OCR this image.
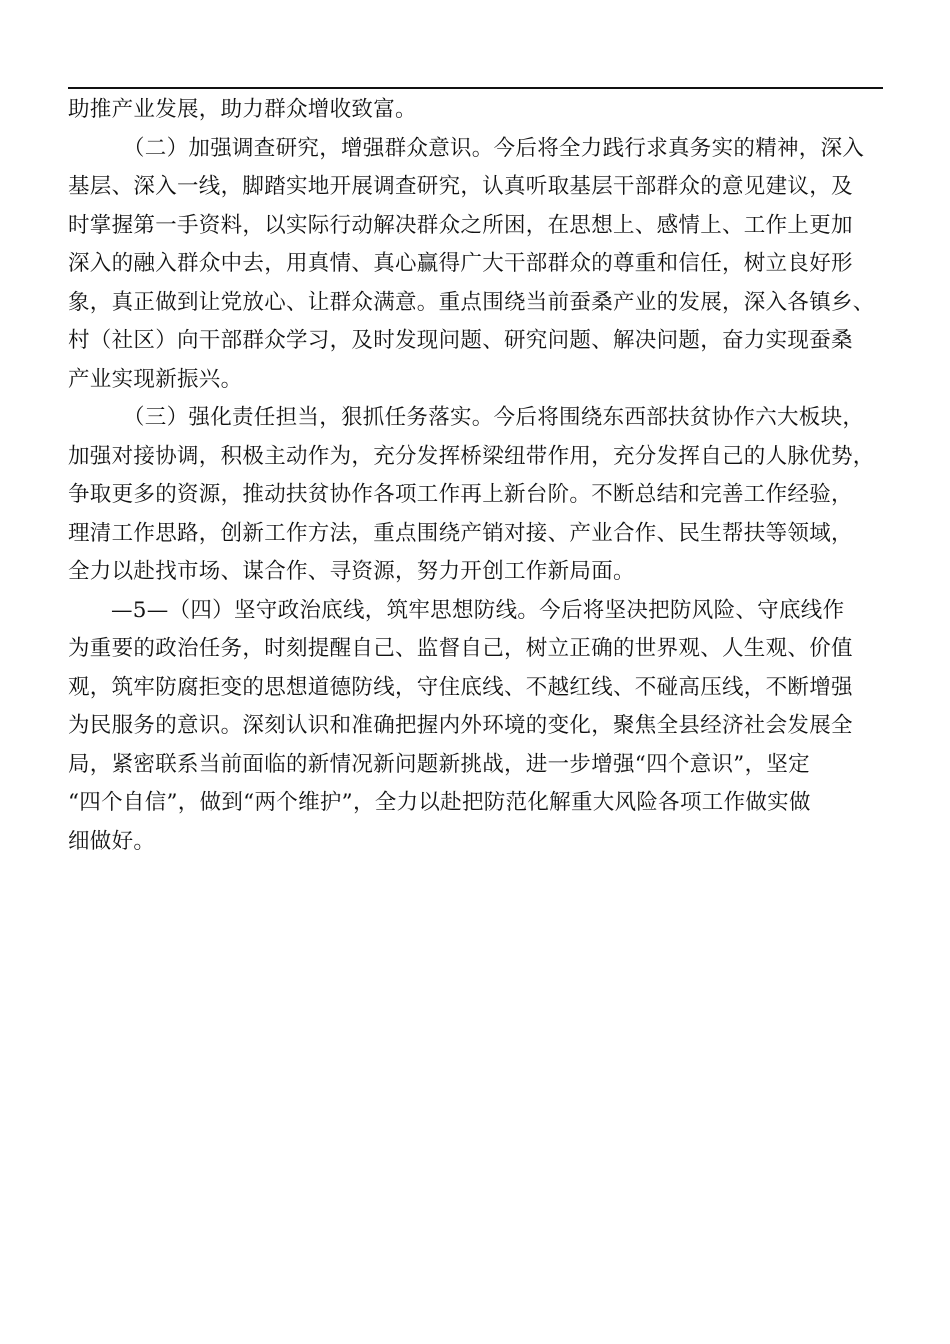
助推产业发展，助力群众增收致富。
（二）加强调查研究，增强群众意识。今后将全力践行求真务实的精神，深入
基层、深入一线，脚踏实地开展调查研究，认真听取基层干部群众的意见建议，及
时掌握第一手资料，以实际行动解决群众之所困，在思想上、感情上、工作上更加
深入的融入群众中去，用真情、真心赢得广大干部群众的尊重和信任，树立良好形
象，真正做到让党放心、让群众满意。重点围绕当前蚕桑产业的发展，深入各镇乡、
村（社区）向干部群众学习，及时发现问题、研究问题、解决问题，奋力实现蚕桑
产业实现新振兴。
（三）强化责任担当，狠抓任务落实。今后将围绕东西部扶贫协作六大板块，
加强对接协调，积极主动作为，充分发挥桥梁纽带作用，充分发挥自己的人脉优势，
争取更多的资源，推动扶贫协作各项工作再上新台阶。不断总结和完善工作经验，
理清工作思路，创新工作方法，重点围绕产销对接、产业合作、民生帮扶等领域，
全力以赴找市场、谋合作、寻资源，努力开创工作新局面。
—5—（四）坚守政治底线，筑牢思想防线。今后将坚决把防风险、守底线作
为重要的政治任务，时刻提醒自己、监督自己，树立正确的世界观、人生观、价值
观，筑牢防腐拒变的思想道德防线，守住底线、不越红线、不碰高压线，不断增强
为民服务的意识。深刻认识和准确把握内外环境的变化，聚焦全县经济社会发展全
局，紧密联系当前面临的新情况新问题新挑战，进一步增强“四个意识”，坚定
“四个自信”，做到“两个维护”，全力以赴把防范化解重大风险各项工作做实做
细做好。
